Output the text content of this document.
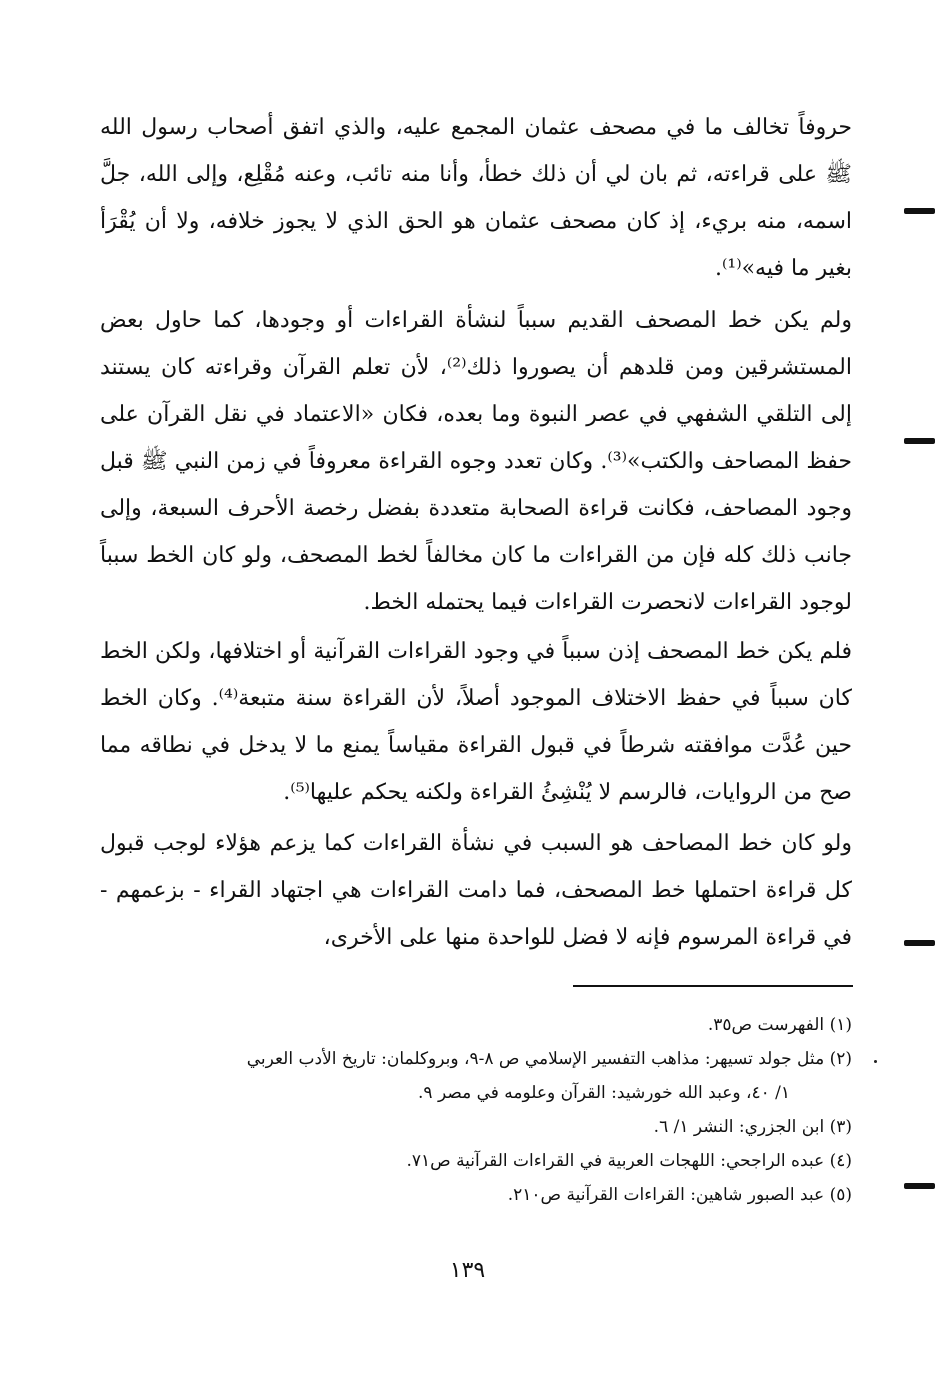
حروفاً تخالف ما في مصحف عثمان المجمع عليه، والذي اتفق أصحاب رسول الله ﷺ على قراءته، ثم بان لي أن ذلك خطأ، وأنا منه تائب، وعنه مُقْلِع، وإلى الله، جلَّ اسمه، منه بريء، إذ كان مصحف عثمان هو الحق الذي لا يجوز خلافه، ولا أن يُقْرَأ بغير ما فيه»⁽¹⁾.

ولم يكن خط المصحف القديم سبباً لنشأة القراءات أو وجودها، كما حاول بعض المستشرقين ومن قلدهم أن يصوروا ذلك⁽²⁾، لأن تعلم القرآن وقراءته كان يستند إلى التلقي الشفهي في عصر النبوة وما بعده، فكان «الاعتماد في نقل القرآن على حفظ المصاحف والكتب»⁽³⁾. وكان تعدد وجوه القراءة معروفاً في زمن النبي ﷺ قبل وجود المصاحف، فكانت قراءة الصحابة متعددة بفضل رخصة الأحرف السبعة، وإلى جانب ذلك كله فإن من القراءات ما كان مخالفاً لخط المصحف، ولو كان الخط سبباً لوجود القراءات لانحصرت القراءات فيما يحتمله الخط.

فلم يكن خط المصحف إذن سبباً في وجود القراءات القرآنية أو اختلافها، ولكن الخط كان سبباً في حفظ الاختلاف الموجود أصلاً، لأن القراءة سنة متبعة⁽⁴⁾. وكان الخط حين عُدَّت موافقته شرطاً في قبول القراءة مقياساً يمنع ما لا يدخل في نطاقه مما صح من الروايات، فالرسم لا يُنْشِئُ القراءة ولكنه يحكم عليها⁽⁵⁾.

ولو كان خط المصاحف هو السبب في نشأة القراءات كما يزعم هؤلاء لوجب قبول كل قراءة احتملها خط المصحف، فما دامت القراءات هي اجتهاد القراء - بزعمهم - في قراءة المرسوم فإنه لا فضل للواحدة منها على الأخرى،

(١) الفهرست ص٣٥.
(٢) مثل جولد تسيهر: مذاهب التفسير الإسلامي ص ٨-٩، وبروكلمان: تاريخ الأدب العربي
١/ ٤٠، وعبد الله خورشيد: القرآن وعلومه في مصر ٩.
(٣) ابن الجزري: النشر ١/ ٦.
(٤) عبده الراجحي: اللهجات العربية في القراءات القرآنية ص٧١.
(٥) عبد الصبور شاهين: القراءات القرآنية ص٢١٠.
١٣٩
